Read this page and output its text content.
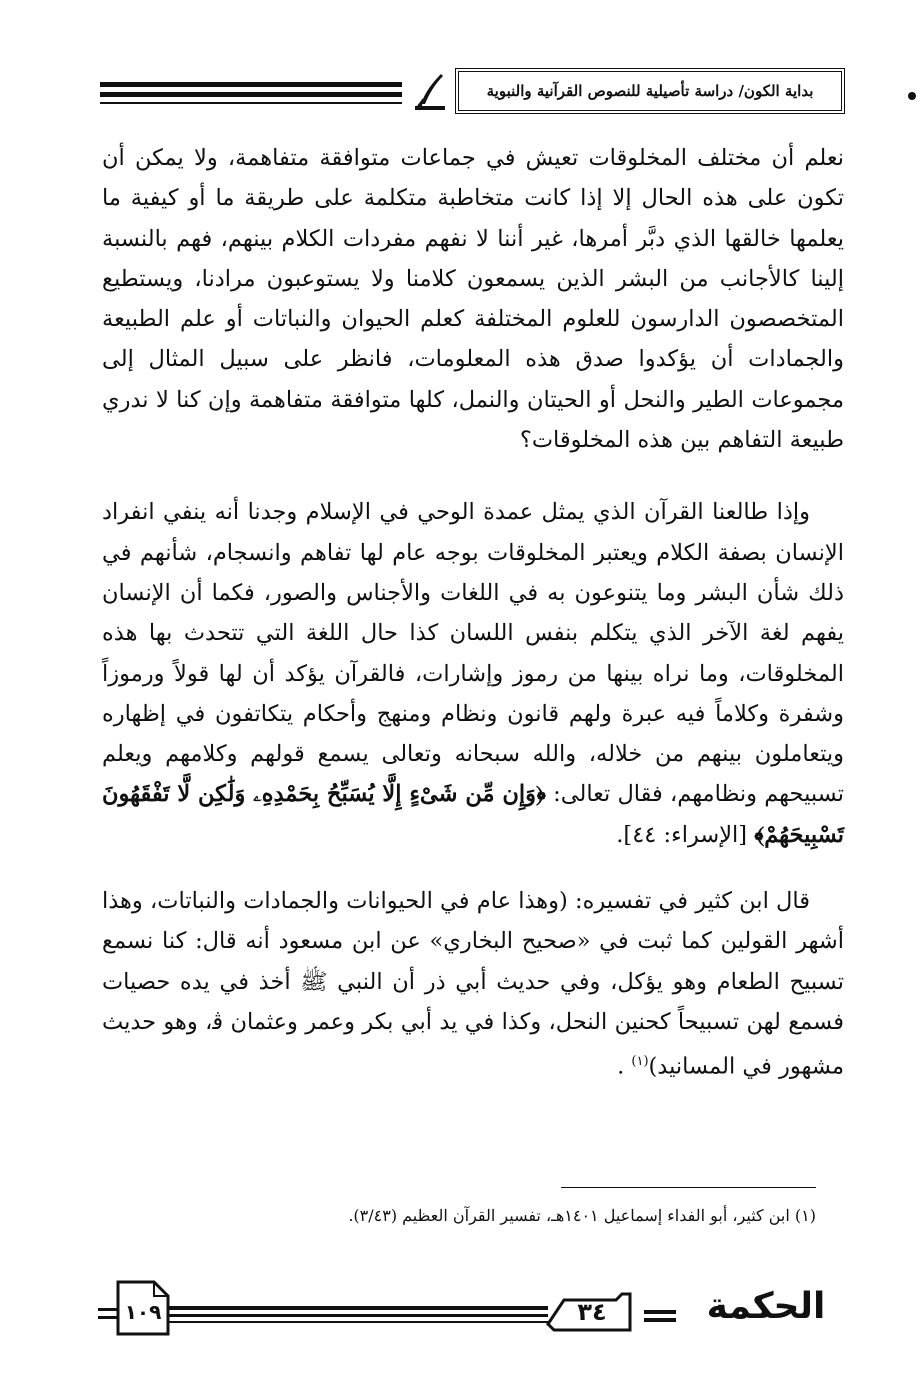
بداية الكون/ دراسة تأصيلية للنصوص القرآنية والنبوية

نعلم أن مختلف المخلوقات تعيش في جماعات متوافقة متفاهمة، ولا يمكن أن تكون على هذه الحال إلا إذا كانت متخاطبة متكلمة على طريقة ما أو كيفية ما يعلمها خالقها الذي دبَّر أمرها، غير أننا لا نفهم مفردات الكلام بينهم، فهم بالنسبة إلينا كالأجانب من البشر الذين يسمعون كلامنا ولا يستوعبون مرادنا، ويستطيع المتخصصون الدارسون للعلوم المختلفة كعلم الحيوان والنباتات أو علم الطبيعة والجمادات أن يؤكدوا صدق هذه المعلومات، فانظر على سبيل المثال إلى مجموعات الطير والنحل أو الحيتان والنمل، كلها متوافقة متفاهمة وإن كنا لا ندري طبيعة التفاهم بين هذه المخلوقات؟

وإذا طالعنا القرآن الذي يمثل عمدة الوحي في الإسلام وجدنا أنه ينفي انفراد الإنسان بصفة الكلام ويعتبر المخلوقات بوجه عام لها تفاهم وانسجام، شأنهم في ذلك شأن البشر وما يتنوعون به في اللغات والأجناس والصور، فكما أن الإنسان يفهم لغة الآخر الذي يتكلم بنفس اللسان كذا حال اللغة التي تتحدث بها هذه المخلوقات، وما نراه بينها من رموز وإشارات، فالقرآن يؤكد أن لها قولاً ورموزاً وشفرة وكلاماً فيه عبرة ولهم قانون ونظام ومنهج وأحكام يتكاتفون في إظهاره ويتعاملون بينهم من خلاله، والله سبحانه وتعالى يسمع قولهم وكلامهم ويعلم تسبيحهم ونظامهم، فقال تعالى: ﴿وَإِن مِّن شَىْءٍ إِلَّا يُسَبِّحُ بِحَمْدِهِۦ وَلَٰكِن لَّا تَفْقَهُونَ تَسْبِيحَهُمْ﴾ [الإسراء: ٤٤].

قال ابن كثير في تفسيره: (وهذا عام في الحيوانات والجمادات والنباتات، وهذا أشهر القولين كما ثبت في «صحيح البخاري» عن ابن مسعود أنه قال: كنا نسمع تسبيح الطعام وهو يؤكل، وفي حديث أبي ذر أن النبي ﷺ أخذ في يده حصيات فسمع لهن تسبيحاً كحنين النحل، وكذا في يد أبي بكر وعمر وعثمان ﭬ، وهو حديث مشهور في المسانيد)$^{(١)}$ .

(١) ابن كثير، أبو الفداء إسماعيل ١٤٠١هـ، تفسير القرآن العظيم (٣/٤٣).

١٠٩	٣٤	الحكمة
